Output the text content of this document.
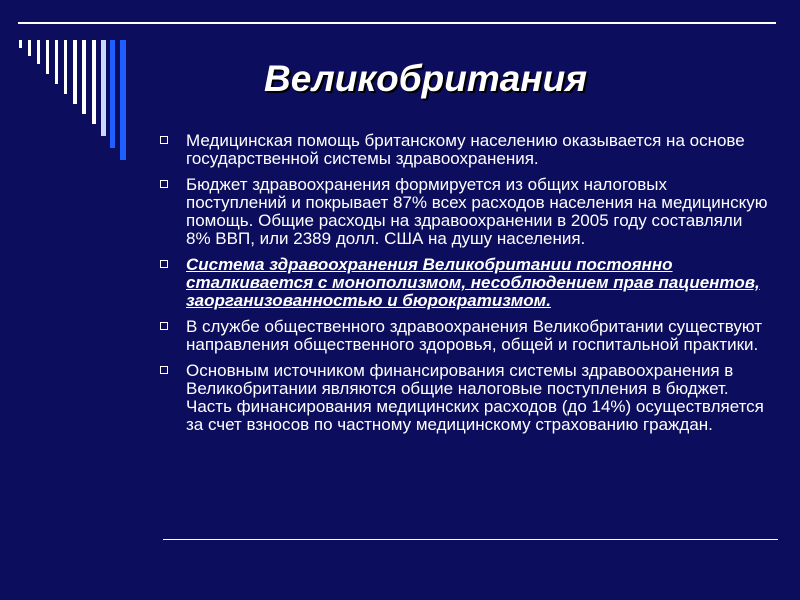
Великобритания
Медицинская помощь британскому населению оказывается на основе государственной системы здравоохранения.
Бюджет здравоохранения формируется из общих налоговых поступлений и покрывает 87% всех расходов населения на медицинскую помощь. Общие расходы на здравоохранении в 2005 году составляли 8% ВВП, или 2389 долл. США на душу населения.
Система здравоохранения Великобритании постоянно сталкивается с монополизмом, несоблюдением прав пациентов, заорганизованностью и бюрократизмом.
В службе общественного здравоохранения Великобритании существуют направления общественного здоровья, общей и госпитальной практики.
Основным источником финансирования системы здравоохранения в Великобритании являются общие налоговые поступления в бюджет. Часть финансирования медицинских расходов (до 14%) осуществляется за счет взносов по частному медицинскому страхованию граждан.
